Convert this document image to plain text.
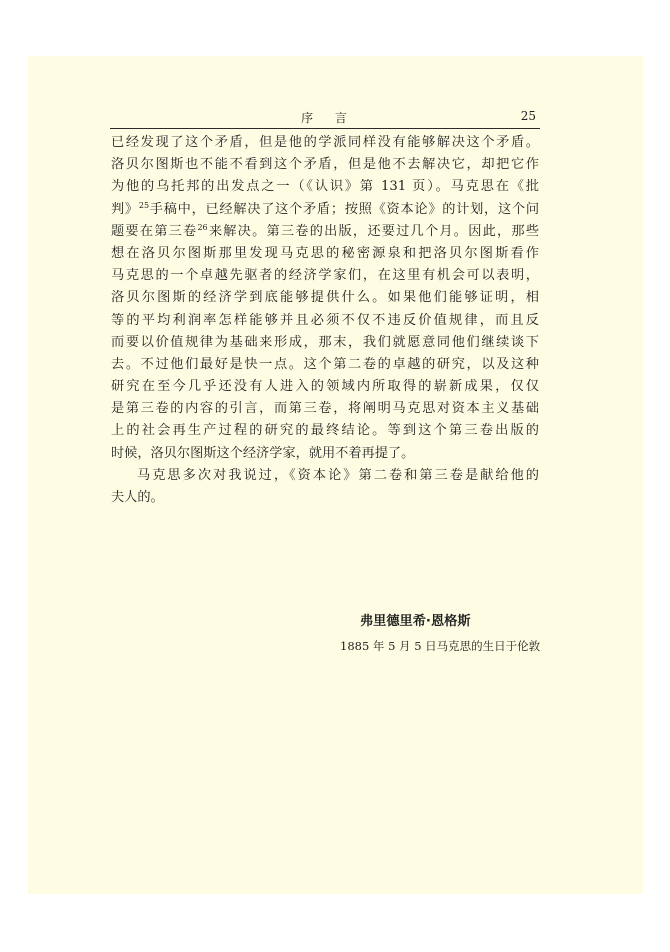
序 言	25
已经发现了这个矛盾，但是他的学派同样没有能够解决这个矛盾。
洛贝尔图斯也不能不看到这个矛盾，但是他不去解决它，却把它作
为他的乌托邦的出发点之一（《认识》第 131 页）。马克思在《批
判》$^{25}$手稿中，已经解决了这个矛盾；按照《资本论》的计划，这个问
题要在第三卷$^{26}$来解决。第三卷的出版，还要过几个月。因此，那些
想在洛贝尔图斯那里发现马克思的秘密源泉和把洛贝尔图斯看作
马克思的一个卓越先驱者的经济学家们，在这里有机会可以表明，
洛贝尔图斯的经济学到底能够提供什么。如果他们能够证明，相
等的平均利润率怎样能够并且必须不仅不违反价值规律，而且反
而要以价值规律为基础来形成，那末，我们就愿意同他们继续谈下
去。不过他们最好是快一点。这个第二卷的卓越的研究，以及这种
研究在至今几乎还没有人进入的领域内所取得的崭新成果，仅仅
是第三卷的内容的引言，而第三卷，将阐明马克思对资本主义基础
上的社会再生产过程的研究的最终结论。等到这个第三卷出版的
时候，洛贝尔图斯这个经济学家，就用不着再提了。
马克思多次对我说过，《资本论》第二卷和第三卷是献给他的
夫人的。
弗里德里希·恩格斯
1885 年 5 月 5 日马克思的生日于伦敦
